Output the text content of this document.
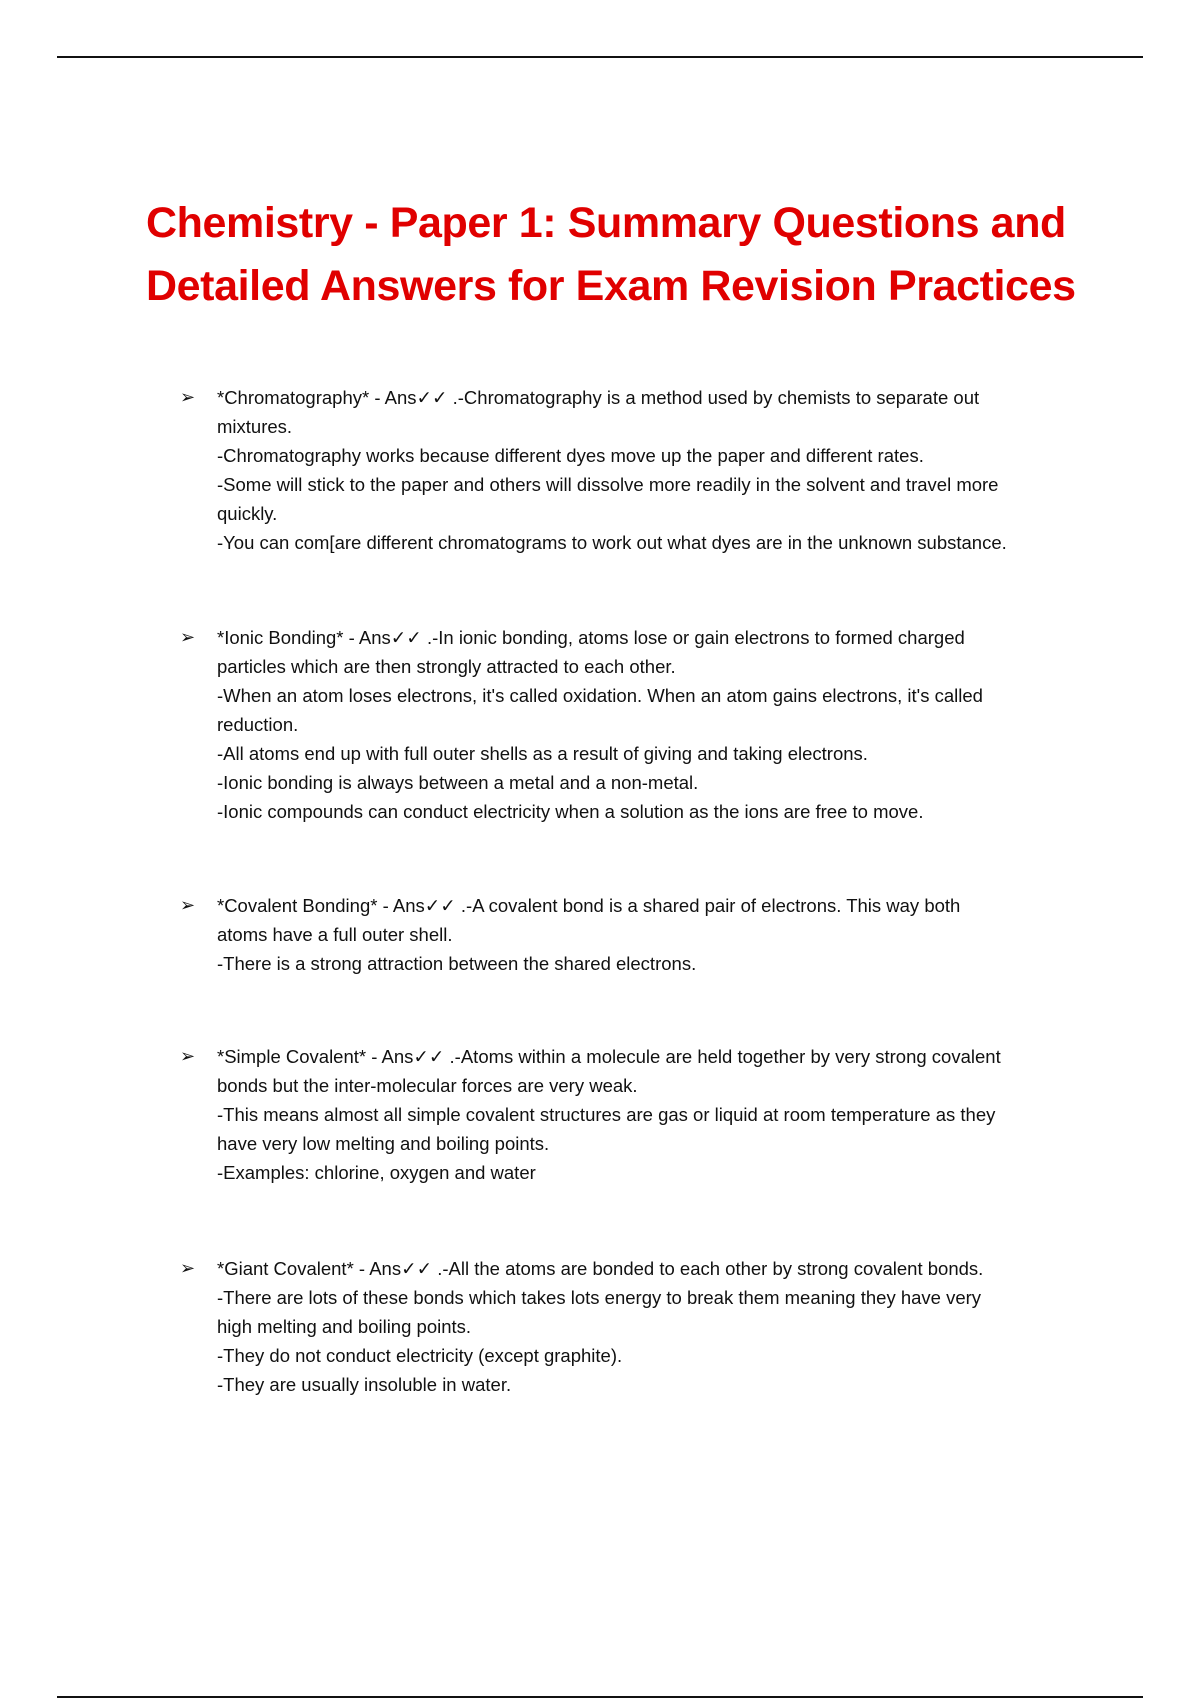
Chemistry - Paper 1: Summary Questions and
Detailed Answers for Exam Revision Practices
➢ *Chromatography* - Ans✓✓ .-Chromatography is a method used by chemists to separate out
mixtures.
-Chromatography works because different dyes move up the paper and different rates.
-Some will stick to the paper and others will dissolve more readily in the solvent and travel more
quickly.
-You can com[are different chromatograms to work out what dyes are in the unknown substance.
➢ *Ionic Bonding* - Ans✓✓ .-In ionic bonding, atoms lose or gain electrons to formed charged
particles which are then strongly attracted to each other.
-When an atom loses electrons, it's called oxidation. When an atom gains electrons, it's called
reduction.
-All atoms end up with full outer shells as a result of giving and taking electrons.
-Ionic bonding is always between a metal and a non-metal.
-Ionic compounds can conduct electricity when a solution as the ions are free to move.
➢ *Covalent Bonding* - Ans✓✓ .-A covalent bond is a shared pair of electrons. This way both
atoms have a full outer shell.
-There is a strong attraction between the shared electrons.
➢ *Simple Covalent* - Ans✓✓ .-Atoms within a molecule are held together by very strong covalent
bonds but the inter-molecular forces are very weak.
-This means almost all simple covalent structures are gas or liquid at room temperature as they
have very low melting and boiling points.
-Examples: chlorine, oxygen and water
➢ *Giant Covalent* - Ans✓✓ .-All the atoms are bonded to each other by strong covalent bonds.
-There are lots of these bonds which takes lots energy to break them meaning they have very
high melting and boiling points.
-They do not conduct electricity (except graphite).
-They are usually insoluble in water.
